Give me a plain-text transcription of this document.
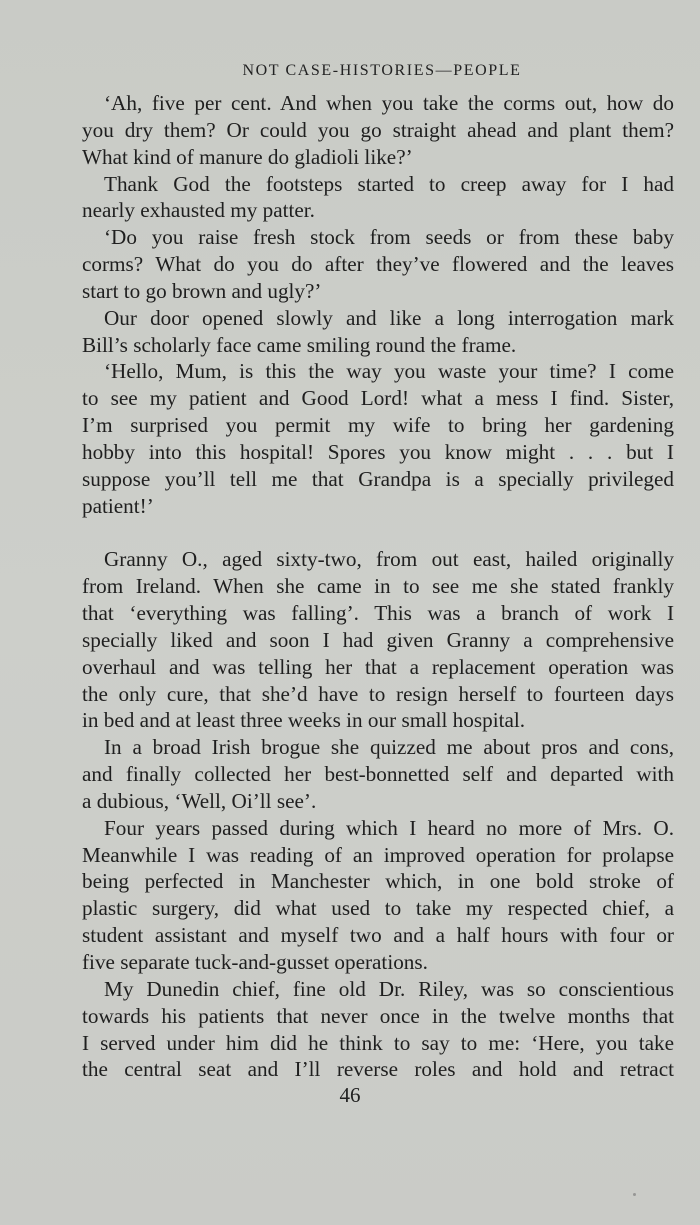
NOT CASE-HISTORIES—PEOPLE
‘Ah, five per cent. And when you take the corms out, how do
you dry them? Or could you go straight ahead and plant them?
What kind of manure do gladioli like?’
Thank God the footsteps started to creep away for I had
nearly exhausted my patter.
‘Do you raise fresh stock from seeds or from these baby
corms? What do you do after they’ve flowered and the leaves
start to go brown and ugly?’
Our door opened slowly and like a long interrogation mark
Bill’s scholarly face came smiling round the frame.
‘Hello, Mum, is this the way you waste your time? I come
to see my patient and Good Lord! what a mess I find. Sister,
I’m surprised you permit my wife to bring her gardening
hobby into this hospital! Spores you know might . . . but I
suppose you’ll tell me that Grandpa is a specially privileged
patient!’
Granny O., aged sixty-two, from out east, hailed originally
from Ireland. When she came in to see me she stated frankly
that ‘everything was falling’. This was a branch of work I
specially liked and soon I had given Granny a comprehensive
overhaul and was telling her that a replacement operation was
the only cure, that she’d have to resign herself to fourteen days
in bed and at least three weeks in our small hospital.
In a broad Irish brogue she quizzed me about pros and cons,
and finally collected her best-bonnetted self and departed with
a dubious, ‘Well, Oi’ll see’.
Four years passed during which I heard no more of Mrs. O.
Meanwhile I was reading of an improved operation for prolapse
being perfected in Manchester which, in one bold stroke of
plastic surgery, did what used to take my respected chief, a
student assistant and myself two and a half hours with four or
five separate tuck-and-gusset operations.
My Dunedin chief, fine old Dr. Riley, was so conscientious
towards his patients that never once in the twelve months that
I served under him did he think to say to me: ‘Here, you take
the central seat and I’ll reverse roles and hold and retract
46
